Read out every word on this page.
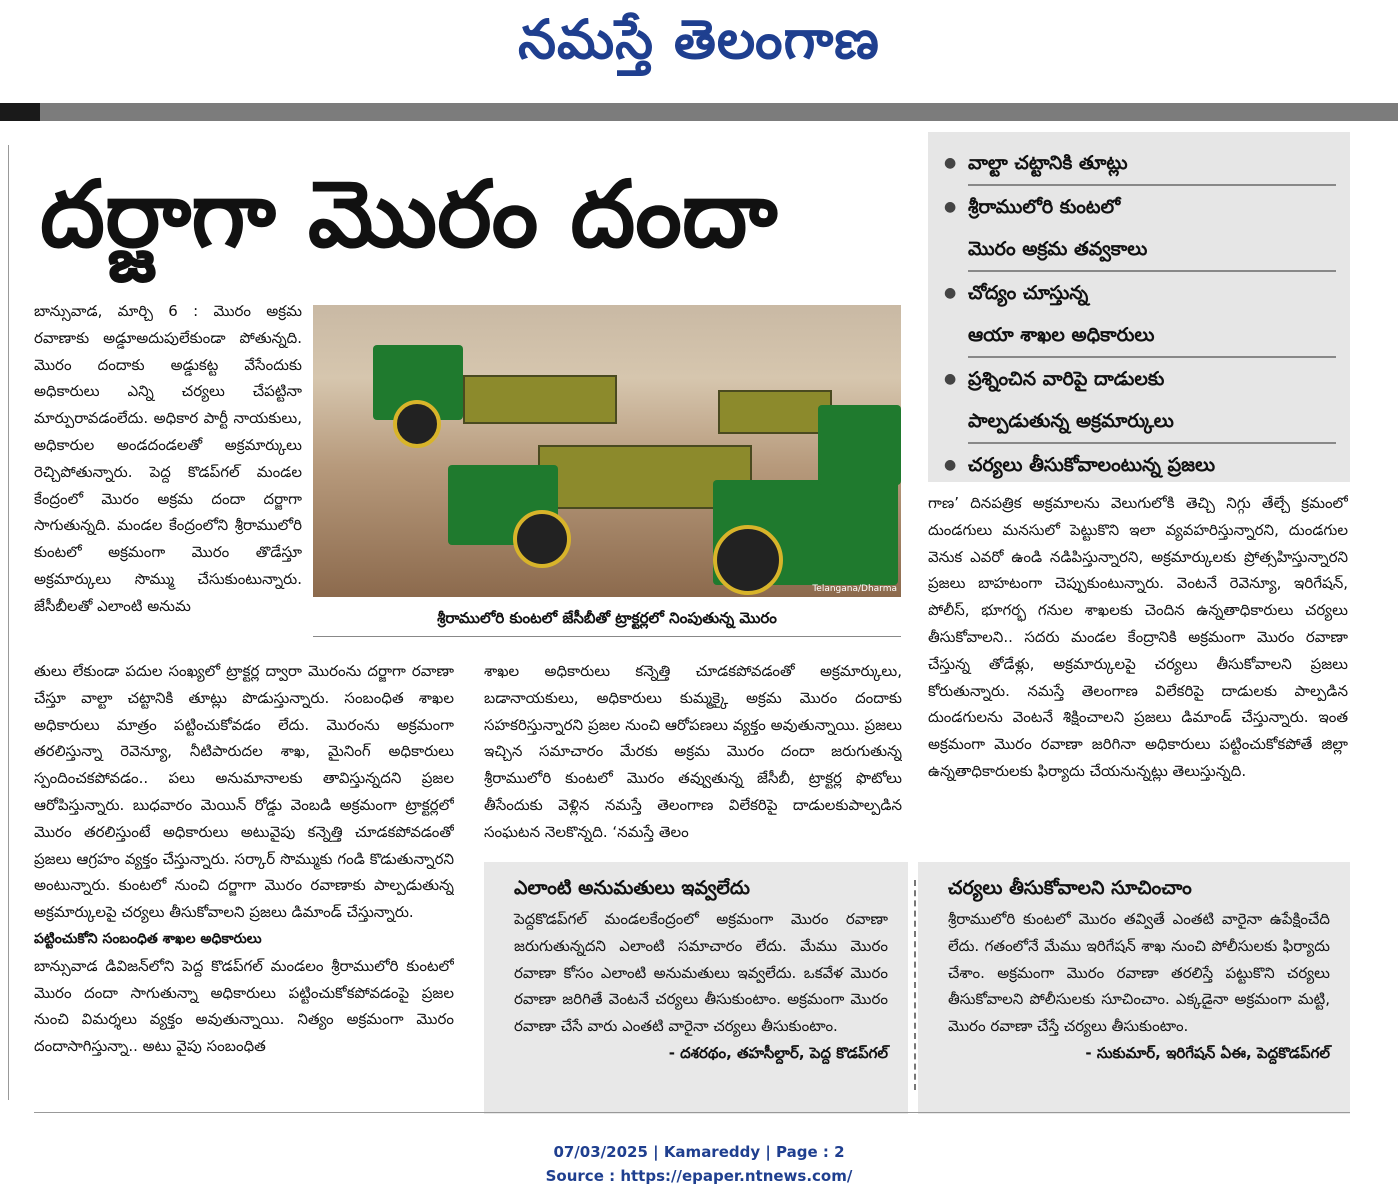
నమస్తే తెలంగాణ
దర్జాగా మొరం దందా
●	వాల్టా చట్టానికి తూట్లు
● శ్రీరాములోరి కుంటలో
మొరం అక్రమ తవ్వకాలు
● చోద్యం చూస్తున్న
ఆయా శాఖల అధికారులు
● ప్రశ్నించిన వారిపై దాడులకు
పాల్పడుతున్న అక్రమార్కులు
● చర్యలు తీసుకోవాలంటున్న ప్రజలు
Telangana/Dharma
శ్రీరాములోరి కుంటలో జేసీబీతో ట్రాక్టర్లలో నింపుతున్న మొరం

బాన్సువాడ, మార్చి 6 : మొరం అక్రమ రవాణాకు అడ్డూఅదుపులేకుండా పోతున్నది. మొరం దందాకు అడ్డుకట్ట వేసేందుకు అధికారులు ఎన్ని చర్యలు చేపట్టినా మార్పురావడంలేదు. అధికార పార్టీ నాయకులు, అధికారుల అండదండలతో అక్రమార్కులు రెచ్చిపోతున్నారు. పెద్ద కొడప్‌గల్ మండల కేంద్రంలో మొరం అక్రమ దందా దర్జాగా సాగుతున్నది. మండల కేంద్రంలోని శ్రీరాములోరి కుంటలో అక్రమంగా మొరం తొడేస్తూ అక్రమార్కులు సొమ్ము చేసుకుంటున్నారు. జేసీబీలతో ఎలాంటి అనుమ

తులు లేకుండా పదుల సంఖ్యలో ట్రాక్టర్ల ద్వారా మొరంను దర్జాగా రవాణా చేస్తూ వాల్టా చట్టానికి తూట్లు పొడుస్తున్నారు. సంబంధిత శాఖల అధికారులు మాత్రం పట్టించుకోవడం లేదు. మొరంను అక్రమంగా తరలిస్తున్నా రెవెన్యూ, నీటిపారుదల శాఖ, మైనింగ్ అధికారులు స్పందించకపోవడం.. పలు అనుమానాలకు తావిస్తున్నదని ప్రజల ఆరోపిస్తున్నారు. బుధవారం మెయిన్ రోడ్డు వెంబడి అక్రమంగా ట్రాక్టర్లలో మొరం తరలిస్తుంటే అధికారులు అటువైపు కన్నెత్తి చూడకపోవడంతో ప్రజలు ఆగ్రహం వ్యక్తం చేస్తున్నారు. సర్కార్ సొమ్ముకు గండి కొడుతున్నారని అంటున్నారు. కుంటలో నుంచి దర్జాగా మొరం రవాణాకు పాల్పడుతున్న అక్రమార్కులపై చర్యలు తీసుకోవాలని ప్రజలు డిమాండ్ చేస్తున్నారు.

పట్టించుకోని సంబంధిత శాఖల అధికారులు

బాన్సువాడ డివిజన్‌లోని పెద్ద కొడప్‌గల్ మండలం శ్రీరాములోరి కుంటలో మొరం దందా సాగుతున్నా అధికారులు పట్టించుకోకపోవడంపై ప్రజల నుంచి విమర్శలు వ్యక్తం అవుతున్నాయి. నిత్యం అక్రమంగా మొరం దందాసాగిస్తున్నా.. అటు వైపు సంబంధిత

శాఖల అధికారులు కన్నెత్తి చూడకపోవడంతో అక్రమార్కులు, బడానాయకులు, అధికారులు కుమ్మక్కై అక్రమ మొరం దందాకు సహకరిస్తున్నారని ప్రజల నుంచి ఆరోపణలు వ్యక్తం అవుతున్నాయి. ప్రజలు ఇచ్చిన సమాచారం మేరకు అక్రమ మొరం దందా జరుగుతున్న శ్రీరాములోరి కుంటలో మొరం తవ్వుతున్న జేసీబీ, ట్రాక్టర్ల ఫొటోలు తీసేందుకు వెళ్లిన నమస్తే తెలంగాణ విలేకరిపై దాడులకుపాల్పడిన సంఘటన నెలకొన్నది. ‘నమస్తే తెలం

గాణ’ దినపత్రిక అక్రమాలను వెలుగులోకి తెచ్చి నిగ్గు తేల్చే క్రమంలో దుండగులు మనసులో పెట్టుకొని ఇలా వ్యవహరిస్తున్నారని, దుండగుల వెనుక ఎవరో ఉండి నడిపిస్తున్నారని, అక్రమార్కులకు ప్రోత్సహిస్తున్నారని ప్రజలు బాహటంగా చెప్పుకుంటున్నారు. వెంటనే రెవెన్యూ, ఇరిగేషన్, పోలీస్, భూగర్భ గనుల శాఖలకు చెందిన ఉన్నతాధికారులు చర్యలు తీసుకోవాలని.. సదరు మండల కేంద్రానికి అక్రమంగా మొరం రవాణా చేస్తున్న తోడేళ్లు, అక్రమార్కులపై చర్యలు తీసుకోవాలని ప్రజలు కోరుతున్నారు. నమస్తే తెలంగాణ విలేకరిపై దాడులకు పాల్పడిన దుండగులను వెంటనే శిక్షించాలని ప్రజలు డిమాండ్ చేస్తున్నారు. ఇంత అక్రమంగా మొరం రవాణా జరిగినా అధికారులు పట్టించుకోకపోతే జిల్లా ఉన్నతాధికారులకు ఫిర్యాదు చేయనున్నట్లు తెలుస్తున్నది.

ఎలాంటి అనుమతులు ఇవ్వలేదు
పెద్దకొడప్‌గల్ మండలకేంద్రంలో అక్రమంగా మొరం రవాణా జరుగుతున్నదని ఎలాంటి సమాచారం లేదు. మేము మొరం రవాణా కోసం ఎలాంటి అనుమతులు ఇవ్వలేదు. ఒకవేళ మొరం రవాణా జరిగితే వెంటనే చర్యలు తీసుకుంటాం. అక్రమంగా మొరం రవాణా చేసే వారు ఎంతటి వారైనా చర్యలు తీసుకుంటాం.
- దశరథం, తహసీల్దార్, పెద్ద కొడప్‌గల్
చర్యలు తీసుకోవాలని సూచించాం
శ్రీరాములోరి కుంటలో మొరం తవ్వితే ఎంతటి వారైనా ఉపేక్షించేది లేదు. గతంలోనే మేము ఇరిగేషన్ శాఖ నుంచి పోలీసులకు ఫిర్యాదు చేశాం. అక్రమంగా మొరం రవాణా తరలిస్తే పట్టుకొని చర్యలు తీసుకోవాలని పోలీసులకు సూచించాం. ఎక్కడైనా అక్రమంగా మట్టి, మొరం రవాణా చేస్తే చర్యలు తీసుకుంటాం.
- సుకుమార్, ఇరిగేషన్ ఏఈ, పెద్దకొడప్‌గల్
07/03/2025 | Kamareddy | Page : 2
Source : https://epaper.ntnews.com/
